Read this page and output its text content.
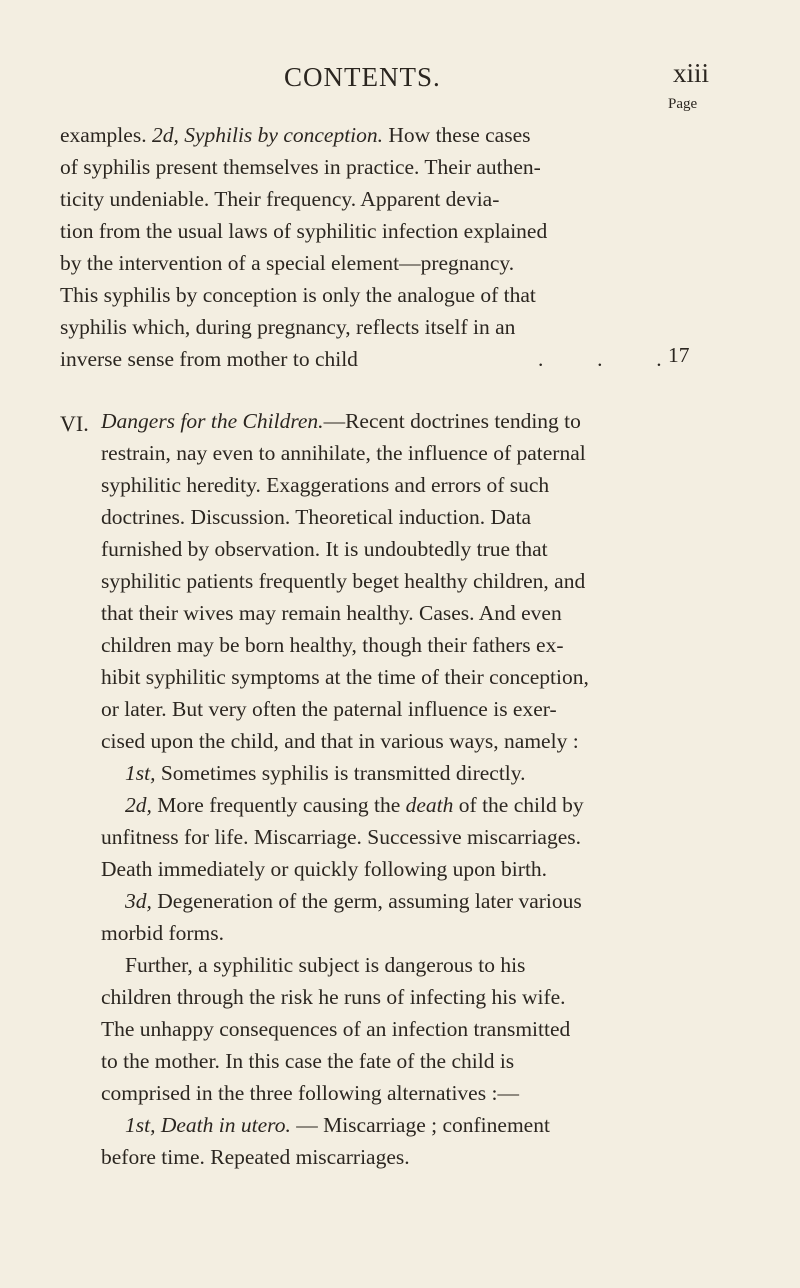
CONTENTS.	xiii
Page
examples. 2d, Syphilis by conception. How these cases
of syphilis present themselves in practice. Their authen-
ticity undeniable. Their frequency. Apparent devia-
tion from the usual laws of syphilitic infection explained
by the intervention of a special element—pregnancy.
This syphilis by conception is only the analogue of that
syphilis which, during pregnancy, reflects itself in an
inverse sense from mother to child	.          .          . 17
VI. Dangers for the Children.—Recent doctrines tending to
restrain, nay even to annihilate, the influence of paternal
syphilitic heredity. Exaggerations and errors of such
doctrines. Discussion. Theoretical induction. Data
furnished by observation. It is undoubtedly true that
syphilitic patients frequently beget healthy children, and
that their wives may remain healthy. Cases. And even
children may be born healthy, though their fathers ex-
hibit syphilitic symptoms at the time of their conception,
or later. But very often the paternal influence is exer-
cised upon the child, and that in various ways, namely :
1st, Sometimes syphilis is transmitted directly.
2d, More frequently causing the death of the child by
unfitness for life. Miscarriage. Successive miscarriages.
Death immediately or quickly following upon birth.
3d, Degeneration of the germ, assuming later various
morbid forms.
Further, a syphilitic subject is dangerous to his
children through the risk he runs of infecting his wife.
The unhappy consequences of an infection transmitted
to the mother. In this case the fate of the child is
comprised in the three following alternatives :—
1st, Death in utero. — Miscarriage ; confinement
before time. Repeated miscarriages.
